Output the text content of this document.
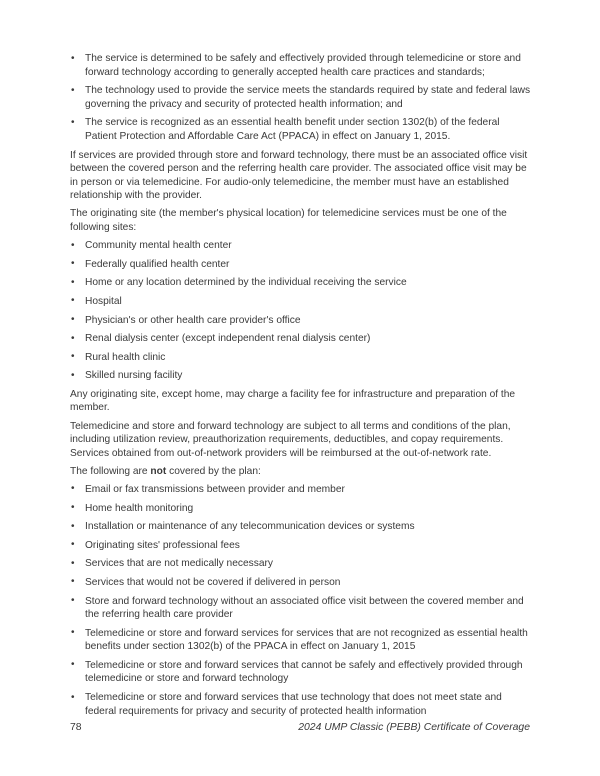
• The service is determined to be safely and effectively provided through telemedicine or store and forward technology according to generally accepted health care practices and standards;
• The technology used to provide the service meets the standards required by state and federal laws governing the privacy and security of protected health information; and
• The service is recognized as an essential health benefit under section 1302(b) of the federal Patient Protection and Affordable Care Act (PPACA) in effect on January 1, 2015.

If services are provided through store and forward technology, there must be an associated office visit between the covered person and the referring health care provider. The associated office visit may be in person or via telemedicine. For audio-only telemedicine, the member must have an established relationship with the provider.

The originating site (the member's physical location) for telemedicine services must be one of the following sites:

• Community mental health center
• Federally qualified health center
• Home or any location determined by the individual receiving the service
• Hospital
• Physician's or other health care provider's office
• Renal dialysis center (except independent renal dialysis center)
• Rural health clinic
• Skilled nursing facility

Any originating site, except home, may charge a facility fee for infrastructure and preparation of the member.

Telemedicine and store and forward technology are subject to all terms and conditions of the plan, including utilization review, preauthorization requirements, deductibles, and copay requirements. Services obtained from out-of-network providers will be reimbursed at the out-of-network rate.

The following are not covered by the plan:

• Email or fax transmissions between provider and member
• Home health monitoring
• Installation or maintenance of any telecommunication devices or systems
• Originating sites' professional fees
• Services that are not medically necessary
• Services that would not be covered if delivered in person
• Store and forward technology without an associated office visit between the covered member and the referring health care provider
• Telemedicine or store and forward services for services that are not recognized as essential health benefits under section 1302(b) of the PPACA in effect on January 1, 2015
• Telemedicine or store and forward services that cannot be safely and effectively provided through telemedicine or store and forward technology
• Telemedicine or store and forward services that use technology that does not meet state and federal requirements for privacy and security of protected health information
78	2024 UMP Classic (PEBB) Certificate of Coverage
